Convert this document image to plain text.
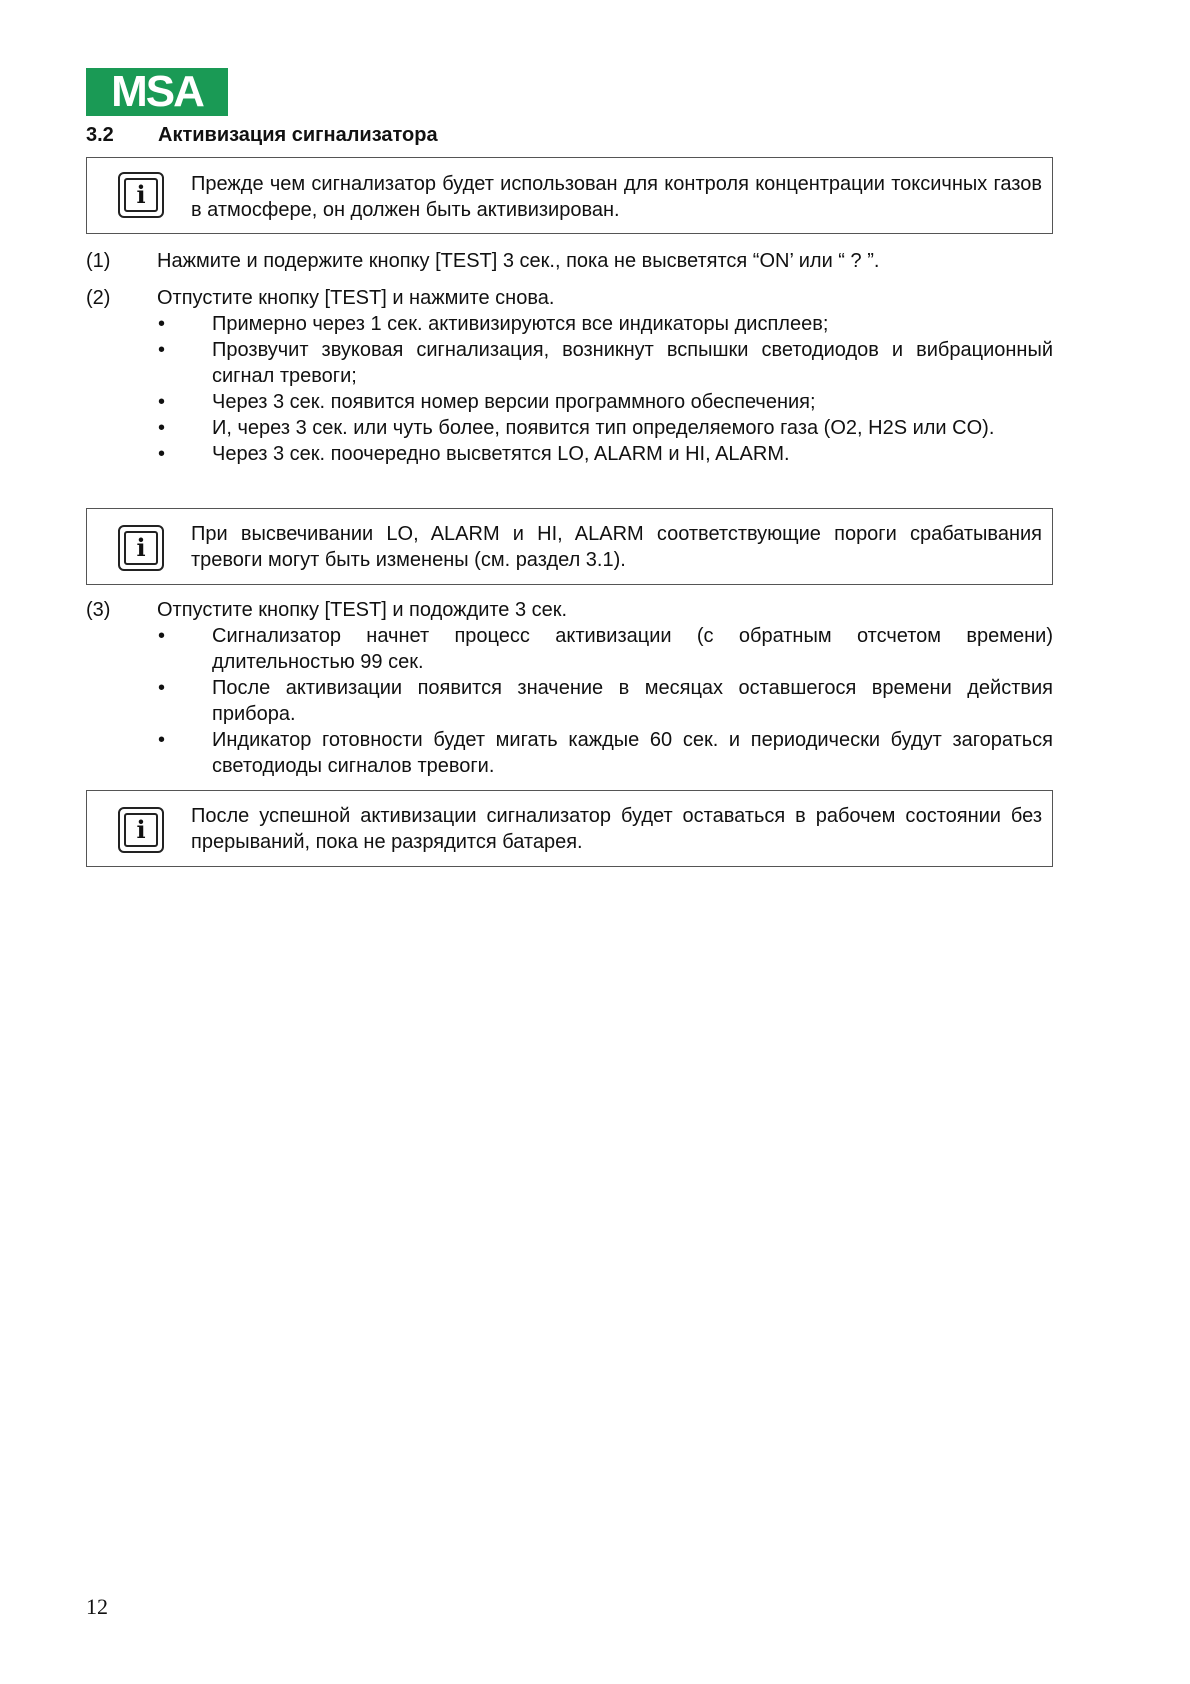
MSA
3.2 Активизация сигнализатора
i	Прежде чем сигнализатор будет использован для контроля концентрации токсичных газов в атмосфере, он должен быть активизирован.
(1) Нажмите и подержите кнопку [TEST] 3 сек., пока не высветятся “ON’ или “ ? ”.
(2) Отпустите кнопку [TEST] и нажмите снова.
• Примерно через 1 сек. активизируются все индикаторы дисплеев;
• Прозвучит звуковая сигнализация, возникнут вспышки светодиодов и вибрационный сигнал тревоги;
• Через 3 сек. появится номер версии программного обеспечения;
• И, через 3 сек. или чуть более, появится тип определяемого газа (O2, H2S или CO).
• Через 3 сек. поочередно высветятся LO, ALARM и HI, ALARM.
i	При высвечивании LO, ALARM и HI, ALARM соответствующие пороги срабатывания тревоги могут быть изменены (см. раздел 3.1).
(3) Отпустите кнопку [TEST] и подождите 3 сек.
• Сигнализатор начнет процесс активизации (с обратным отсчетом времени) длительностью 99 сек.
• После активизации появится значение в месяцах оставшегося времени действия прибора.
• Индикатор готовности будет мигать каждые 60 сек. и периодически будут загораться светодиоды сигналов тревоги.
i	После успешной активизации сигнализатор будет оставаться в рабочем состоянии без прерываний, пока не разрядится батарея.
12
